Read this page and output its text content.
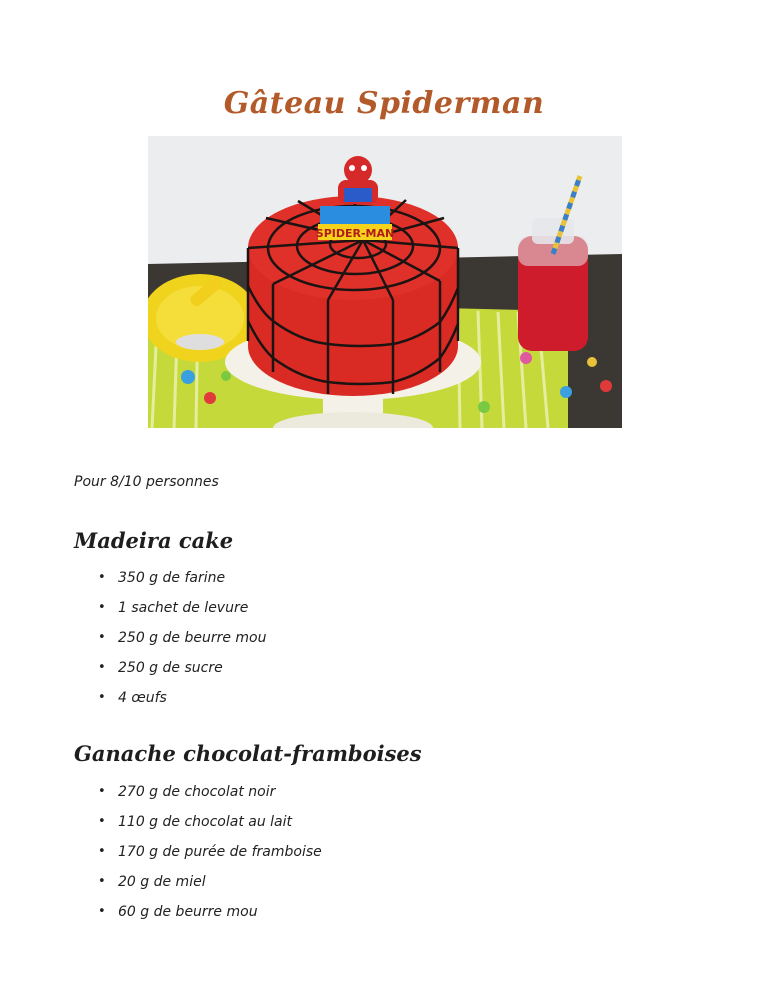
Gâteau Spiderman
SPIDER-MAN
Pour 8/10 personnes
Madeira cake
• 350 g de farine
• 1 sachet de levure
• 250 g de beurre mou
• 250 g de sucre
• 4 œufs
Ganache chocolat-framboises
• 270 g de chocolat noir
• 110 g de chocolat au lait
• 170 g de purée de framboise
• 20 g de miel
• 60 g de beurre mou
